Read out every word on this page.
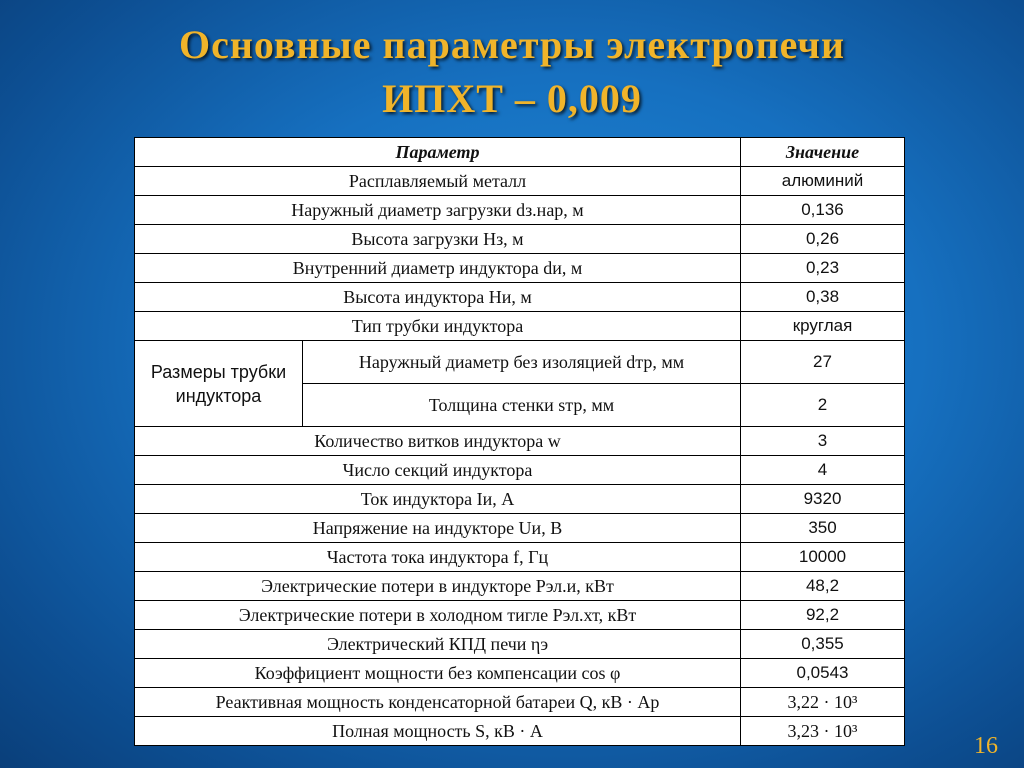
Основные параметры электропечи
ИПХТ – 0,009
Параметр		Значение
Расплавляемый металл		алюминий
Наружный диаметр загрузки dз.нар, м		0,136
Высота загрузки Hз, м		0,26
Внутренний диаметр индуктора dи, м		0,23
Высота индуктора Hи, м		0,38
Тип трубки индуктора		круглая
Размеры трубки индуктора	Наружный диаметр без изоляцией dтр, мм	27
	Толщина стенки sтр, мм	2
Количество витков индуктора w		3
Число секций индуктора		4
Ток индуктора Iи, А		9320
Напряжение на индукторе Uи, В		350
Частота тока индуктора f, Гц		10000
Электрические потери в индукторе Pэл.и, кВт		48,2
Электрические потери в холодном тигле Pэл.хт, кВт		92,2
Электрический КПД печи ηэ		0,355
Коэффициент мощности без компенсации cos φ		0,0543
Реактивная мощность конденсаторной батареи Q, кВ · Ар		3,22 · 10³
Полная мощность S, кВ · А		3,23 · 10³
16
